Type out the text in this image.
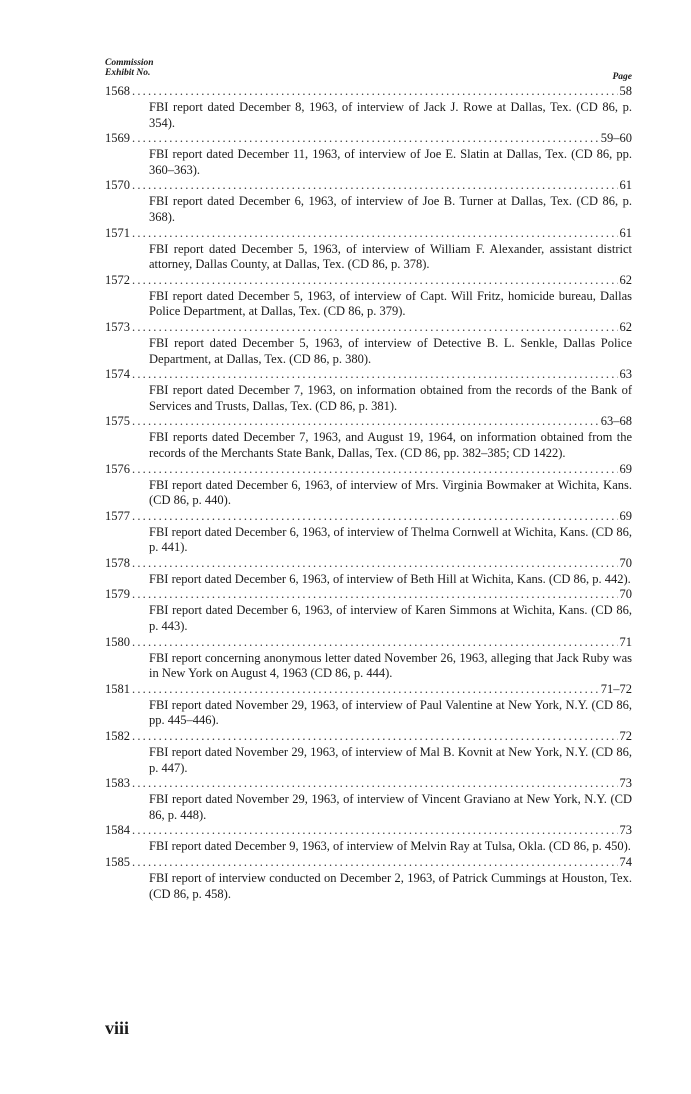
Commission
Exhibit No.	Page
1568 .....	58
FBI report dated December 8, 1963, of interview of Jack J. Rowe at Dallas, Tex. (CD 86, p. 354).
1569 .....	59–60
FBI report dated December 11, 1963, of interview of Joe E. Slatin at Dallas, Tex. (CD 86, pp. 360–363).
1570 .....	61
FBI report dated December 6, 1963, of interview of Joe B. Turner at Dallas, Tex. (CD 86, p. 368).
1571 .....	61
FBI report dated December 5, 1963, of interview of William F. Alexander, assistant district attorney, Dallas County, at Dallas, Tex. (CD 86, p. 378).
1572 .....	62
FBI report dated December 5, 1963, of interview of Capt. Will Fritz, homicide bureau, Dallas Police Department, at Dallas, Tex. (CD 86, p. 379).
1573 .....	62
FBI report dated December 5, 1963, of interview of Detective B. L. Senkle, Dallas Police Department, at Dallas, Tex. (CD 86, p. 380).
1574 .....	63
FBI report dated December 7, 1963, on information obtained from the records of the Bank of Services and Trusts, Dallas, Tex. (CD 86, p. 381).
1575 .....	63–68
FBI reports dated December 7, 1963, and August 19, 1964, on information obtained from the records of the Merchants State Bank, Dallas, Tex. (CD 86, pp. 382–385; CD 1422).
1576 .....	69
FBI report dated December 6, 1963, of interview of Mrs. Virginia Bowmaker at Wichita, Kans. (CD 86, p. 440).
1577 .....	69
FBI report dated December 6, 1963, of interview of Thelma Cornwell at Wichita, Kans. (CD 86, p. 441).
1578 .....	70
FBI report dated December 6, 1963, of interview of Beth Hill at Wichita, Kans. (CD 86, p. 442).
1579 .....	70
FBI report dated December 6, 1963, of interview of Karen Simmons at Wichita, Kans. (CD 86, p. 443).
1580 .....	71
FBI report concerning anonymous letter dated November 26, 1963, alleging that Jack Ruby was in New York on August 4, 1963 (CD 86, p. 444).
1581 .....	71–72
FBI report dated November 29, 1963, of interview of Paul Valentine at New York, N.Y. (CD 86, pp. 445–446).
1582 .....	72
FBI report dated November 29, 1963, of interview of Mal B. Kovnit at New York, N.Y. (CD 86, p. 447).
1583 .....	73
FBI report dated November 29, 1963, of interview of Vincent Graviano at New York, N.Y. (CD 86, p. 448).
1584 .....	73
FBI report dated December 9, 1963, of interview of Melvin Ray at Tulsa, Okla. (CD 86, p. 450).
1585 .....	74
FBI report of interview conducted on December 2, 1963, of Patrick Cummings at Houston, Tex. (CD 86, p. 458).
viii
